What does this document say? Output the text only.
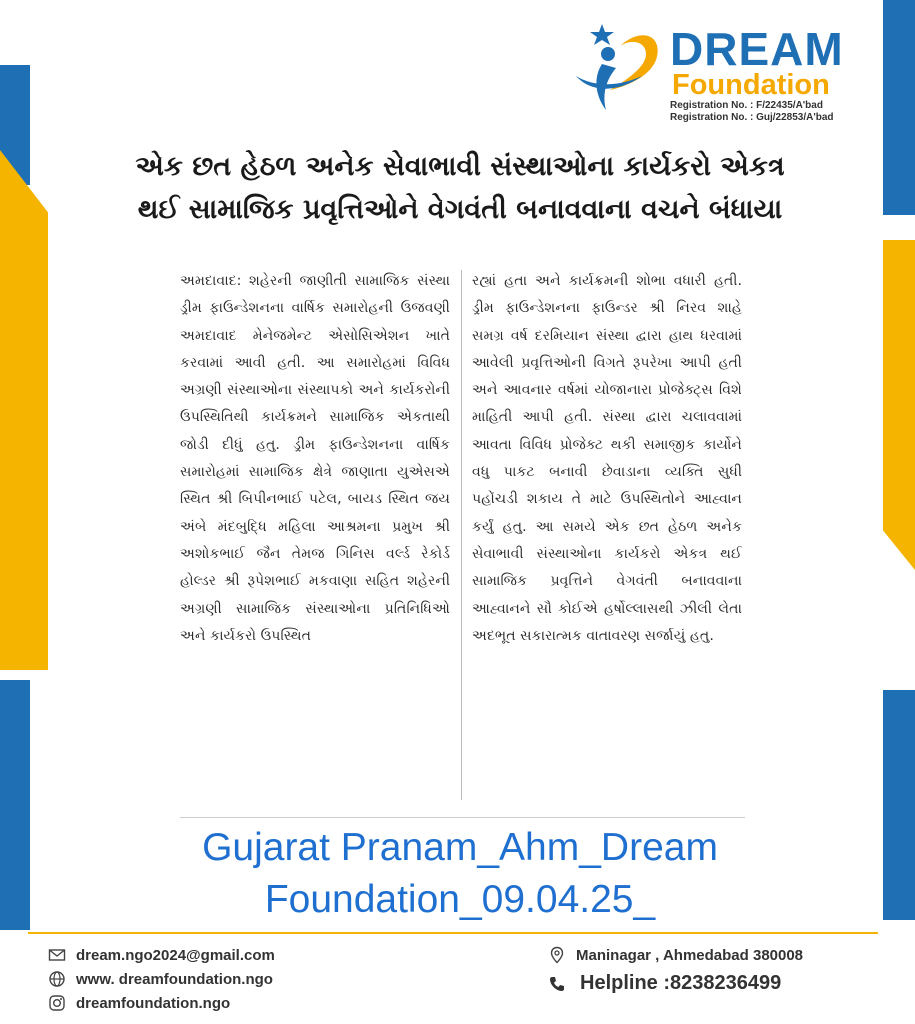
DREAM
Foundation
Registration No. : F/22435/A'bad
Registration No. : Guj/22853/A'bad
એક છત હેઠળ અનેક સેવાભાવી સંસ્થાઓના કાર્યકરો એકત્ર થઈ સામાજિક પ્રવૃત્તિઓને વેગવંતી બનાવવાના વચને બંધાયા

અમદાવાદ: શહેરની જાણીતી સામાજિક સંસ્થા ડ્રીમ ફાઉન્ડેશનના વાર્ષિક સમારોહની ઉજવણી અમદાવાદ મેનેજમેન્ટ એસોસિએશન ખાતે કરવામાં આવી હતી. આ સમારોહમાં વિવિધ અગ્રણી સંસ્થાઓના સંસ્થાપકો અને કાર્યકરોની ઉપસ્થિતિથી કાર્યક્રમને સામાજિક એકતાથી જોડી દીધું હતુ. ડ્રીમ ફાઉન્ડેશનના વાર્ષિક સમારોહમાં સામાજિક ક્ષેત્રે જાણાતા યુએસએ સ્થિત શ્રી બિપીનભાઈ પટેલ, બાયડ સ્થિત જય અંબે મંદબુદ્ધિ મહિલા આશ્રમના પ્રમુખ શ્રી અશોકભાઈ જૈન તેમજ ગિનિસ વર્લ્ડ રેકોર્ડ હોલ્ડર શ્રી રૂપેશભાઈ મકવાણા સહિત શહેરની અગ્રણી સામાજિક સંસ્થાઓના પ્રતિનિધિઓ અને કાર્યકરો ઉપસ્થિત

રહ્યાં હતા અને કાર્યક્રમની શોભા વધારી હતી. ડ્રીમ ફાઉન્ડેશનના ફાઉન્ડર શ્રી નિરવ શાહે સમગ્ર વર્ષ દરમિયાન સંસ્થા દ્વારા હાથ ધરવામાં આવેલી પ્રવૃત્તિઓની વિગતે રૂપરેખા આપી હતી અને આવનાર વર્ષમાં યોજાનારા પ્રોજેક્ટ્સ વિશે માહિતી આપી હતી. સંસ્થા દ્વારા ચલાવવામાં આવતા વિવિધ પ્રોજેક્ટ થકી સમાજીક કાર્યોને વધુ પાકટ બનાવી છેવાડાના વ્યક્તિ સુધી પહોંચડી શકાય તે માટે ઉપસ્થિતોને આહ્વાન કર્યું હતુ. આ સમયે એક છત હેઠળ અનેક સેવાભાવી સંસ્થાઓના કાર્યકરો એકત્ર થઈ સામાજિક પ્રવૃત્તિને વેગવંતી બનાવવાના આહ્વાનને સૌ કોઈએ હર્ષોલ્લાસથી ઝીલી લેતા અદભૂત સકારાત્મક વાતાવરણ સર્જાયું હતુ.

Gujarat Pranam_Ahm_Dream Foundation_09.04.25_
dream.ngo2024@gmail.com
www. dreamfoundation.ngo
dreamfoundation.ngo
Maninagar , Ahmedabad 380008
Helpline :8238236499
